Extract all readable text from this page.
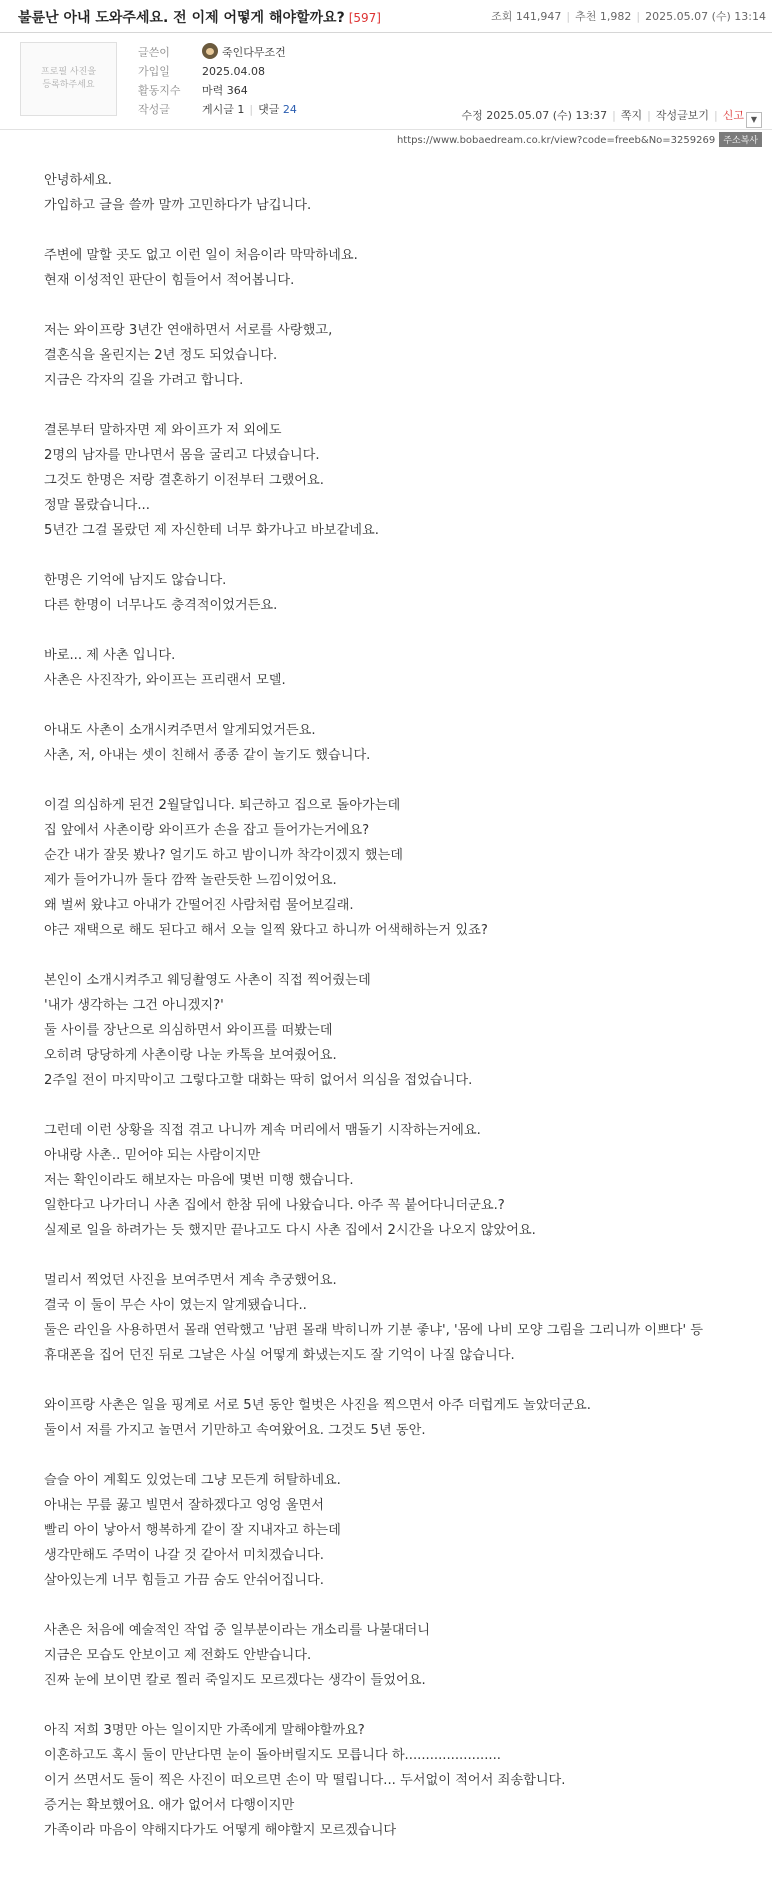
불륜난 아내 도와주세요. 전 이제 어떻게 해야할까요? [597]	조회 141,947 | 추천 1,982 | 2025.05.07 (수) 13:14
프로필 사진을
등록하주세요
글쓴이	죽인다무조건
가입일	2025.04.08
활동지수 마력 364
작성글	게시글 1 | 댓글 24	수정 2025.05.07 (수) 13:37 | 쪽지 | 작성글보기 | 신고 ▼
https://www.bobaedream.co.kr/view?code=freeb&No=3259269 주소복사

안녕하세요.
가입하고 글을 쓸까 말까 고민하다가 남깁니다.

주변에 말할 곳도 없고 이런 일이 처음이라 막막하네요.
현재 이성적인 판단이 힘들어서 적어봅니다.

저는 와이프랑 3년간 연애하면서 서로를 사랑했고,
결혼식을 올린지는 2년 정도 되었습니다.
지금은 각자의 길을 가려고 합니다.

결론부터 말하자면 제 와이프가 저 외에도
2명의 남자를 만나면서 몸을 굴리고 다녔습니다.
그것도 한명은 저랑 결혼하기 이전부터 그랬어요.
정말 몰랐습니다...
5년간 그걸 몰랐던 제 자신한테 너무 화가나고 바보같네요.

한명은 기억에 남지도 않습니다.
다른 한명이 너무나도 충격적이었거든요.

바로... 제 사촌 입니다.
사촌은 사진작가, 와이프는 프리랜서 모델.

아내도 사촌이 소개시켜주면서 알게되었거든요.
사촌, 저, 아내는 셋이 친해서 종종 같이 놀기도 했습니다.

이걸 의심하게 된건 2월달입니다. 퇴근하고 집으로 돌아가는데
집 앞에서 사촌이랑 와이프가 손을 잡고 들어가는거에요?
순간 내가 잘못 봤나? 얼기도 하고 밤이니까 착각이겠지 했는데
제가 들어가니까 둘다 깜짝 놀란듯한 느낌이었어요.
왜 벌써 왔냐고 아내가 간떨어진 사람처럼 물어보길래.
야근 재택으로 해도 된다고 해서 오늘 일찍 왔다고 하니까 어색해하는거 있죠?

본인이 소개시켜주고 웨딩촬영도 사촌이 직접 찍어줬는데
'내가 생각하는 그건 아니겠지?'
둘 사이를 장난으로 의심하면서 와이프를 떠봤는데
오히려 당당하게 사촌이랑 나눈 카톡을 보여줬어요.
2주일 전이 마지막이고 그렇다고할 대화는 딱히 없어서 의심을 접었습니다.

그런데 이런 상황을 직접 겪고 나니까 계속 머리에서 맴돌기 시작하는거에요.
아내랑 사촌.. 믿어야 되는 사람이지만
저는 확인이라도 해보자는 마음에 몇번 미행 했습니다.
일한다고 나가더니 사촌 집에서 한참 뒤에 나왔습니다. 아주 꼭 붙어다니더군요.?
실제로 일을 하려가는 듯 했지만 끝나고도 다시 사촌 집에서 2시간을 나오지 않았어요.

멀리서 찍었던 사진을 보여주면서 계속 추궁했어요.
결국 이 둘이 무슨 사이 였는지 알게됐습니다..
둘은 라인을 사용하면서 몰래 연락했고 '남편 몰래 박히니까 기분 좋냐', '몸에 나비 모양 그림을 그리니까 이쁘다' 등
휴대폰을 집어 던진 뒤로 그날은 사실 어떻게 화냈는지도 잘 기억이 나질 않습니다.

와이프랑 사촌은 일을 핑계로 서로 5년 동안 헐벗은 사진을 찍으면서 아주 더럽게도 놀았더군요.
둘이서 저를 가지고 놀면서 기만하고 속여왔어요. 그것도 5년 동안.

슬슬 아이 계획도 있었는데 그냥 모든게 허탈하네요.
아내는 무릎 꿇고 빌면서 잘하겠다고 엉엉 울면서
빨리 아이 낳아서 행복하게 같이 잘 지내자고 하는데
생각만해도 주먹이 나갈 것 같아서 미치겠습니다.
살아있는게 너무 힘들고 가끔 숨도 안쉬어집니다.

사촌은 처음에 예술적인 작업 중 일부분이라는 개소리를 나불대더니
지금은 모습도 안보이고 제 전화도 안받습니다.
진짜 눈에 보이면 칼로 찔러 죽일지도 모르겠다는 생각이 들었어요.

아직 저희 3명만 아는 일이지만 가족에게 말해야할까요?
이혼하고도 혹시 둘이 만난다면 눈이 돌아버릴지도 모릅니다 하.......................
이거 쓰면서도 둘이 찍은 사진이 떠오르면 손이 막 떨립니다... 두서없이 적어서 죄송합니다.
증거는 확보했어요. 애가 없어서 다행이지만
가족이라 마음이 약해지다가도 어떻게 해야할지 모르겠습니다
